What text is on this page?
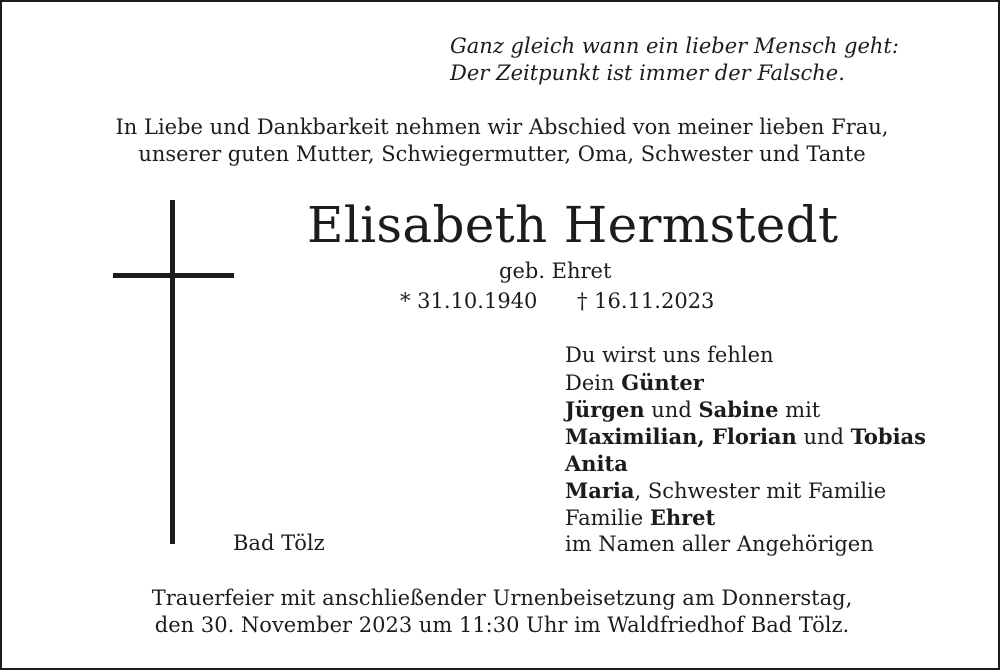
Ganz gleich wann ein lieber Mensch geht:
Der Zeitpunkt ist immer der Falsche.
In Liebe und Dankbarkeit nehmen wir Abschied von meiner lieben Frau,
unserer guten Mutter, Schwiegermutter, Oma, Schwester und Tante
Elisabeth Hermstedt
geb. Ehret
* 31.10.1940 † 16.11.2023
Bad Tölz
Du wirst uns fehlen
Dein Günter
Jürgen und Sabine mit
Maximilian, Florian und Tobias
Anita
Maria, Schwester mit Familie
Familie Ehret
im Namen aller Angehörigen
Trauerfeier mit anschließender Urnenbeisetzung am Donnerstag,
den 30. November 2023 um 11:30 Uhr im Waldfriedhof Bad Tölz.
